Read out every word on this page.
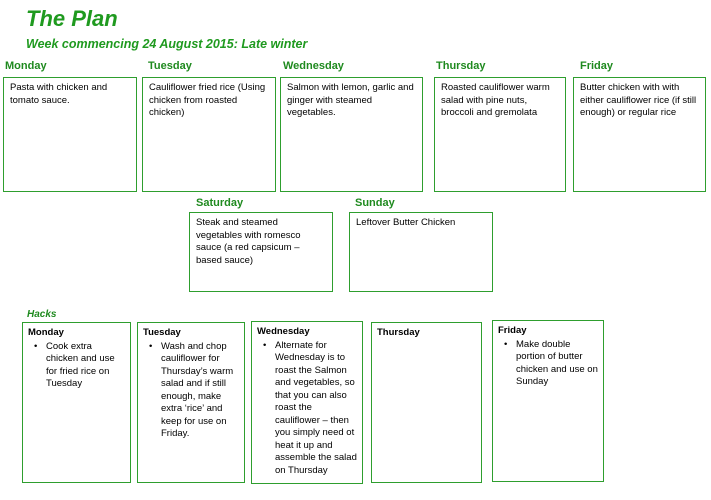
The Plan
Week commencing 24 August 2015: Late winter
Monday
Pasta with chicken and tomato sauce.
Tuesday
Cauliflower fried rice (Using chicken from roasted chicken)
Wednesday
Salmon with lemon, garlic and ginger with steamed vegetables.
Thursday
Roasted cauliflower warm salad with pine nuts, broccoli and gremolata
Friday
Butter chicken with with either cauliflower rice (if still enough) or regular rice
Saturday
Steak and steamed vegetables with romesco sauce (a red capsicum – based sauce)
Sunday
Leftover Butter Chicken
Hacks
Monday
• Cook extra chicken and use for fried rice on Tuesday
Tuesday
• Wash and chop cauliflower for Thursday’s warm salad and if still enough, make extra ‘rice’ and keep for use on Friday.
Wednesday
• Alternate for Wednesday is to roast the Salmon and vegetables, so that you can also roast the cauliflower – then you simply need ot heat it up and assemble the salad on Thursday
Thursday	Friday
• Make double portion of butter chicken and use on Sunday
